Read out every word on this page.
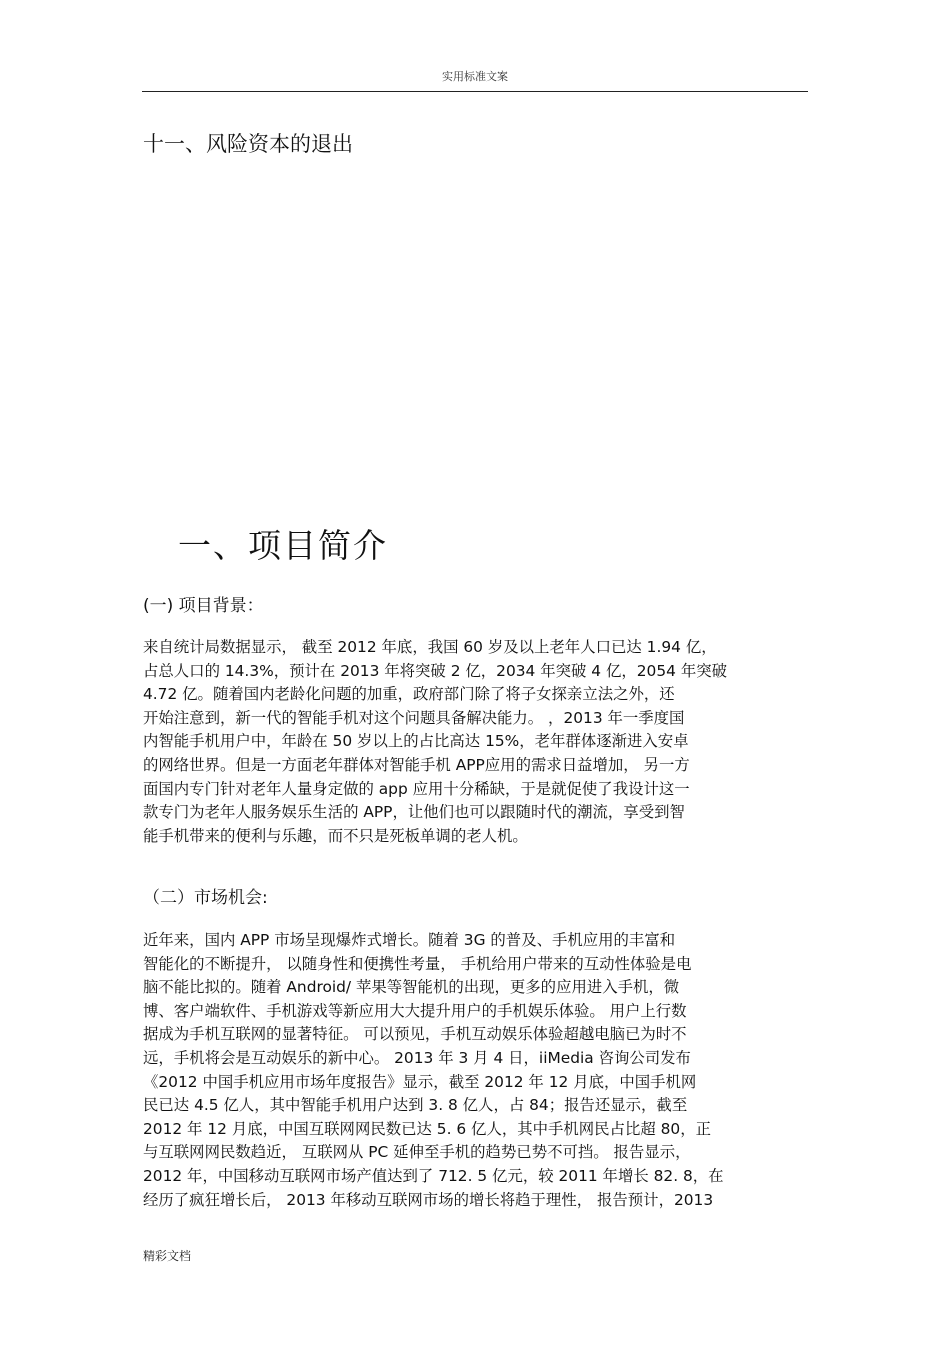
实用标准文案
十一、风险资本的退出
一、项目简介
(一) 项目背景：
来自统计局数据显示， 截至 2012 年底，我国 60 岁及以上老年人口已达 1.94 亿，
占总人口的 14.3%，预计在 2013 年将突破 2 亿，2034 年突破 4 亿，2054 年突破
4.72 亿。随着国内老龄化问题的加重，政府部门除了将子女探亲立法之外，还
开始注意到，新一代的智能手机对这个问题具备解决能力。 ，2013 年一季度国
内智能手机用户中，年龄在 50 岁以上的占比高达 15%，老年群体逐渐进入安卓
的网络世界。但是一方面老年群体对智能手机 APP应用的需求日益增加， 另一方
面国内专门针对老年人量身定做的 app 应用十分稀缺，于是就促使了我设计这一
款专门为老年人服务娱乐生活的 APP，让他们也可以跟随时代的潮流，享受到智
能手机带来的便利与乐趣，而不只是死板单调的老人机。
（二）市场机会:
近年来，国内 APP 市场呈现爆炸式增长。随着 3G 的普及、手机应用的丰富和
智能化的不断提升， 以随身性和便携性考量， 手机给用户带来的互动性体验是电
脑不能比拟的。随着 Android/ 苹果等智能机的出现，更多的应用进入手机，微
博、客户端软件、手机游戏等新应用大大提升用户的手机娱乐体验。 用户上行数
据成为手机互联网的显著特征。 可以预见，手机互动娱乐体验超越电脑已为时不
远，手机将会是互动娱乐的新中心。 2013 年 3 月 4 日，iiMedia 咨询公司发布
《2012 中国手机应用市场年度报告》显示，截至 2012 年 12 月底，中国手机网
民已达 4.5 亿人，其中智能手机用户达到 3. 8 亿人，占 84；报告还显示，截至
2012 年 12 月底，中国互联网网民数已达 5. 6 亿人，其中手机网民占比超 80，正
与互联网网民数趋近， 互联网从 PC 延伸至手机的趋势已势不可挡。 报告显示，
2012 年，中国移动互联网市场产值达到了 712. 5 亿元，较 2011 年增长 82. 8，在
经历了疯狂增长后， 2013 年移动互联网市场的增长将趋于理性， 报告预计，2013
精彩文档
